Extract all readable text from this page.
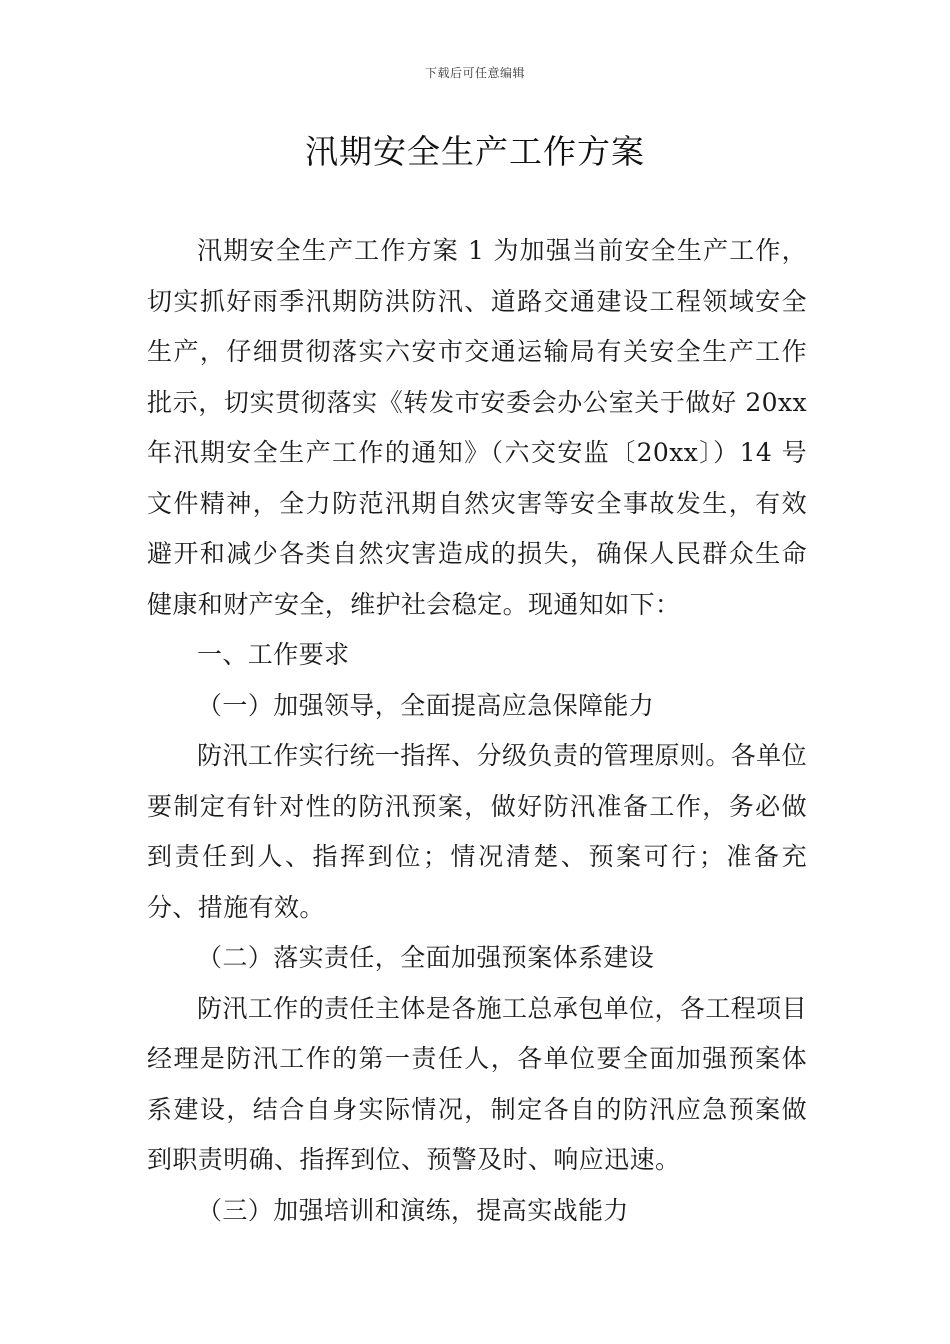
下载后可任意编辑
汛期安全生产工作方案

汛期安全生产工作方案 1 为加强当前安全生产工作，切实抓好雨季汛期防洪防汛、道路交通建设工程领域安全生产，仔细贯彻落实六安市交通运输局有关安全生产工作批示，切实贯彻落实《转发市安委会办公室关于做好 20xx 年汛期安全生产工作的通知》（六交安监〔20xx〕）14 号文件精神，全力防范汛期自然灾害等安全事故发生，有效避开和减少各类自然灾害造成的损失，确保人民群众生命健康和财产安全，维护社会稳定。现通知如下：

一、工作要求

（一）加强领导，全面提高应急保障能力

防汛工作实行统一指挥、分级负责的管理原则。各单位要制定有针对性的防汛预案，做好防汛准备工作，务必做到责任到人、指挥到位；情况清楚、预案可行；准备充分、措施有效。

（二）落实责任，全面加强预案体系建设

防汛工作的责任主体是各施工总承包单位，各工程项目经理是防汛工作的第一责任人，各单位要全面加强预案体系建设，结合自身实际情况，制定各自的防汛应急预案做到职责明确、指挥到位、预警及时、响应迅速。

（三）加强培训和演练，提高实战能力
